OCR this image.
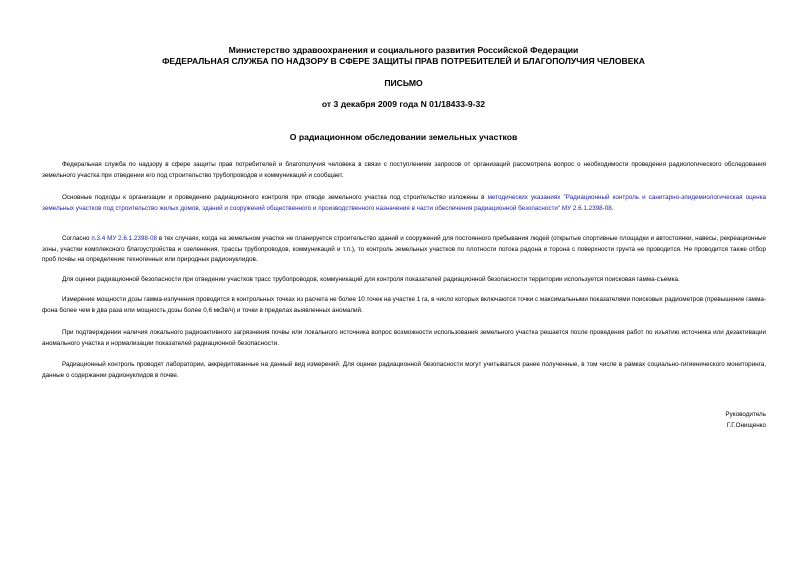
Министерство здравоохранения и социального развития Российской Федерации
ФЕДЕРАЛЬНАЯ СЛУЖБА ПО НАДЗОРУ В СФЕРЕ ЗАЩИТЫ ПРАВ ПОТРЕБИТЕЛЕЙ И БЛАГОПОЛУЧИЯ ЧЕЛОВЕКА
ПИСЬМО
от 3 декабря 2009 года N 01/18433-9-32
О радиационном обследовании земельных участков
Федеральная служба по надзору в сфере защиты прав потребителей и благополучия человека в связи с поступлением запросов от организаций рассмотрела вопрос о необходимости проведения радиологического обследования земельного участка при отведении его под строительство трубопроводов и коммуникаций и сообщает.
Основные подходы к организации и проведению радиационного контроля при отводе земельного участка под строительство изложены в методических указаниях "Радиационный контроль и санитарно-эпидемиологическая оценка земельных участков под строительство жилых домов, зданий и сооружений общественного и производственного назначения в части обеспечения радиационной безопасности" МУ 2.6.1.2398-08.
Согласно п.3.4 МУ 2.6.1.2398-08 в тех случаях, когда на земельном участке не планируется строительство зданий и сооружений для постоянного пребывания людей (открытые спортивные площадки и автостоянки, навесы, рекреационные зоны, участки комплексного благоустройства и озеленения, трассы трубопроводов, коммуникаций и т.п.), то контроль земельных участков по плотности потока радона и торона с поверхности грунта не проводится. Не проводится также отбор проб почвы на определение техногенных или природных радионуклидов.
Для оценки радиационной безопасности при отведении участков трасс трубопроводов, коммуникаций для контроля показателей радиационной безопасности территории используется поисковая гамма-съемка.
Измерение мощности дозы гамма-излучения проводится в контрольных точках из расчета не более 10 точек на участке 1 га, в число которых включаются точки с максимальными показателями поисковых радиометров (превышение гамма-фона более чем в два раза или мощность дозы более 0,6 мкЗв/ч) и точки в пределах выявленных аномалий.
При подтверждении наличия локального радиоактивного загрязнения почвы или локального источника вопрос возможности использования земельного участка решается после проведения работ по изъятию источника или дезактивации аномального участка и нормализации показателей радиационной безопасности.
Радиационный контроль проводят лаборатории, аккредитованные на данный вид измерений. Для оценки радиационной безопасности могут учитываться ранее полученные, в том числе в рамках социально-гигиенического мониторинга, данные о содержании радионуклидов в почве.
Руководитель
Г.Г.Онищенко
